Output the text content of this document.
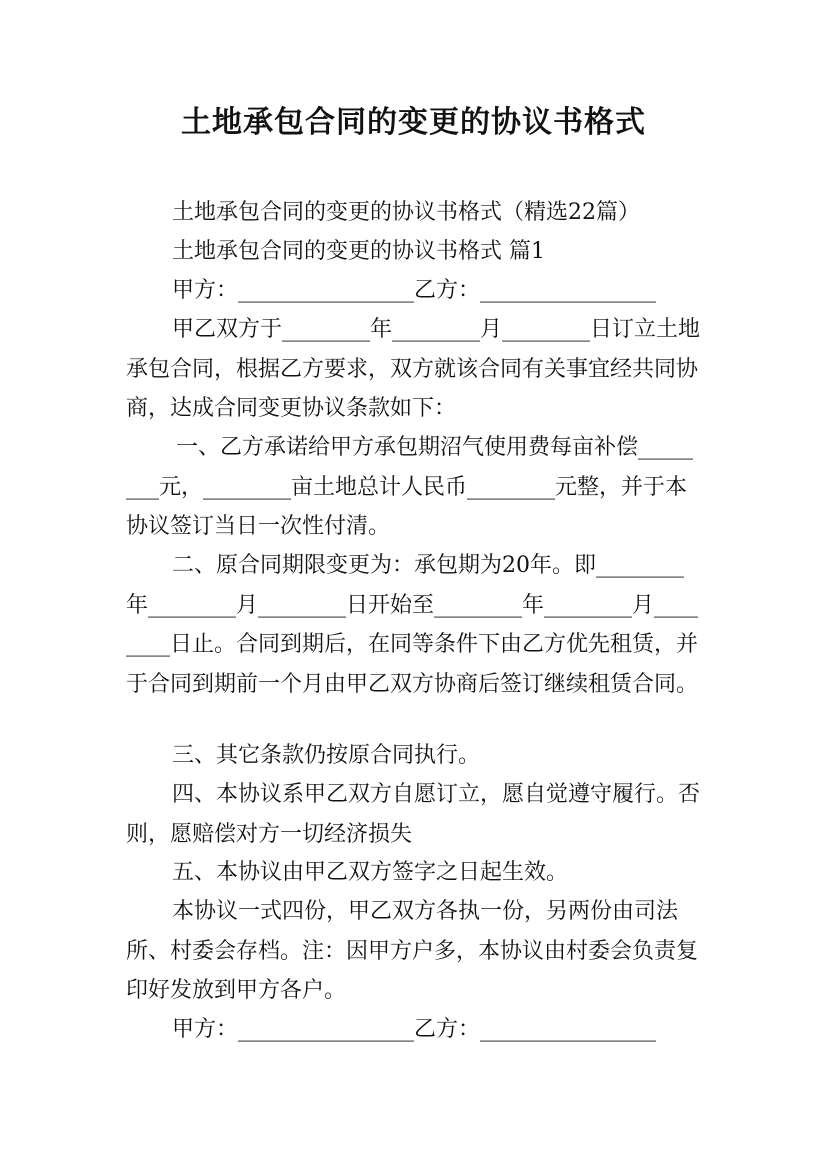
土地承包合同的变更的协议书格式

土地承包合同的变更的协议书格式（精选22篇）

土地承包合同的变更的协议书格式 篇1

甲方：________________乙方：________________

甲乙双方于________年________月________日订立土地承包合同，根据乙方要求，双方就该合同有关事宜经共同协商，达成合同变更协议条款如下：

一、乙方承诺给甲方承包期沼气使用费每亩补偿________元，________亩土地总计人民币________元整，并于本协议签订当日一次性付清。

二、原合同期限变更为：承包期为20年。即________年________月________日开始至________年________月________日止。合同到期后，在同等条件下由乙方优先租赁，并于合同到期前一个月由甲乙双方协商后签订继续租赁合同。

三、其它条款仍按原合同执行。

四、本协议系甲乙双方自愿订立，愿自觉遵守履行。否则，愿赔偿对方一切经济损失

五、本协议由甲乙双方签字之日起生效。

本协议一式四份，甲乙双方各执一份，另两份由司法所、村委会存档。注：因甲方户多，本协议由村委会负责复印好发放到甲方各户。

甲方：________________乙方：________________
